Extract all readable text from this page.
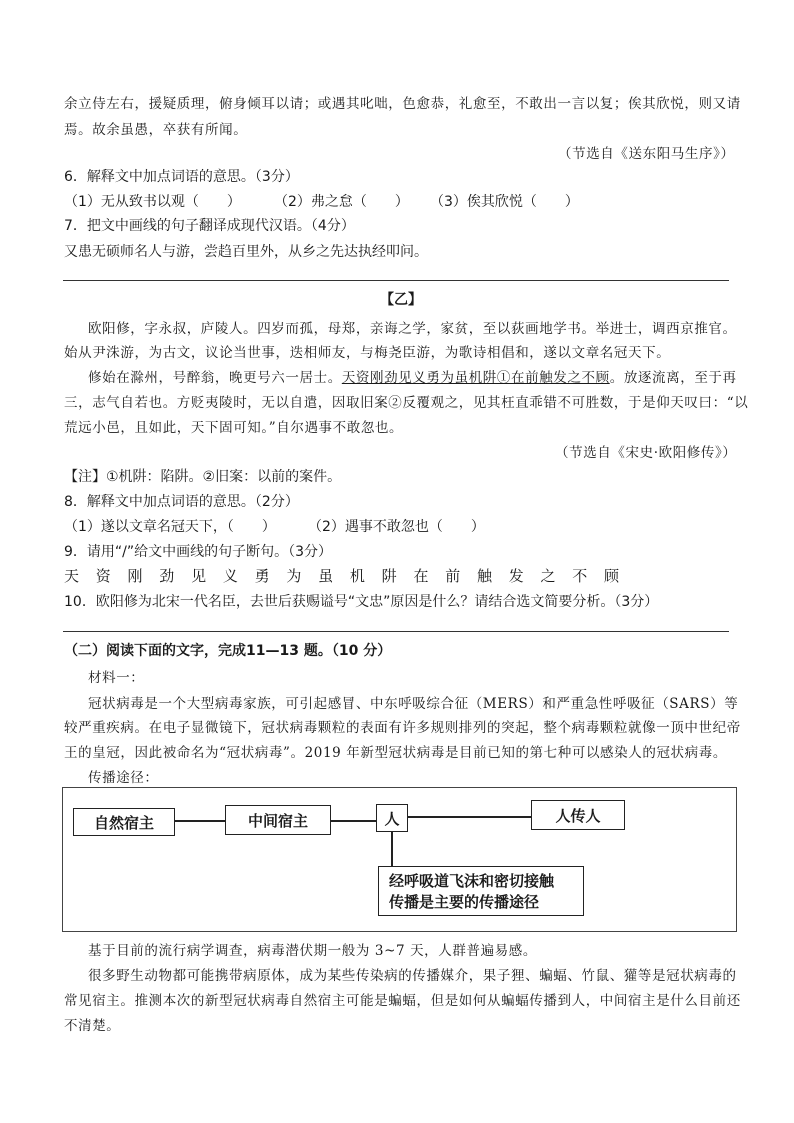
余立侍左右，援疑质理，俯身倾耳以请；或遇其叱咄，色愈恭，礼愈至，不敢出一言以复；俟其欣悦，则又请
焉。故余虽愚，卒获有所闻。
（节选自《送东阳马生序》）
6．解释文中加点词语的意思。（3分）
（1）无从致书以观（　　） （2）弗之怠（　　） （3）俟其欣悦（　　）
7．把文中画线的句子翻译成现代汉语。（4分）
又患无硕师名人与游，尝趋百里外，从乡之先达执经叩问。
【乙】
欧阳修，字永叔，庐陵人。四岁而孤，母郑，亲诲之学，家贫，至以荻画地学书。举进士，调西京推官。
始从尹洙游，为古文，议论当世事，迭相师友，与梅尧臣游，为歌诗相倡和，遂以文章名冠天下。
修始在滁州，号醉翁，晚更号六一居士。天资刚劲见义勇为虽机阱①在前触发之不顾。放逐流离，至于再
三，志气自若也。方贬夷陵时，无以自遣，因取旧案②反覆观之，见其枉直乖错不可胜数，于是仰天叹曰：“以
荒远小邑，且如此，天下固可知。”自尔遇事不敢忽也。
（节选自《宋史·欧阳修传》）
【注】①机阱：陷阱。②旧案：以前的案件。
8．解释文中加点词语的意思。（2分）
（1）遂以文章名冠天下，（　　） （2）遇事不敢忽也（　　）
9．请用“/”给文中画线的句子断句。（3分）
天 资 刚 劲 见 义 勇 为 虽 机 阱 在 前 触 发 之 不 顾
10．欧阳修为北宋一代名臣，去世后获赐谥号“文忠”原因是什么？请结合选文简要分析。（3分）
（二）阅读下面的文字，完成11—13 题。（10 分）
材料一：
冠状病毒是一个大型病毒家族，可引起感冒、中东呼吸综合征（MERS）和严重急性呼吸征（SARS）等
较严重疾病。在电子显微镜下，冠状病毒颗粒的表面有许多规则排列的突起，整个病毒颗粒就像一顶中世纪帝
王的皇冠，因此被命名为“冠状病毒”。2019 年新型冠状病毒是目前已知的第七种可以感染人的冠状病毒。
传播途径：
自然宿主	中间宿主	人	人传人
经呼吸道飞沫和密切接触
传播是主要的传播途径
基于目前的流行病学调查，病毒潜伏期一般为 3~7 天，人群普遍易感。
很多野生动物都可能携带病原体，成为某些传染病的传播媒介，果子狸、蝙蝠、竹鼠、獾等是冠状病毒的
常见宿主。推测本次的新型冠状病毒自然宿主可能是蝙蝠，但是如何从蝙蝠传播到人，中间宿主是什么目前还
不清楚。
